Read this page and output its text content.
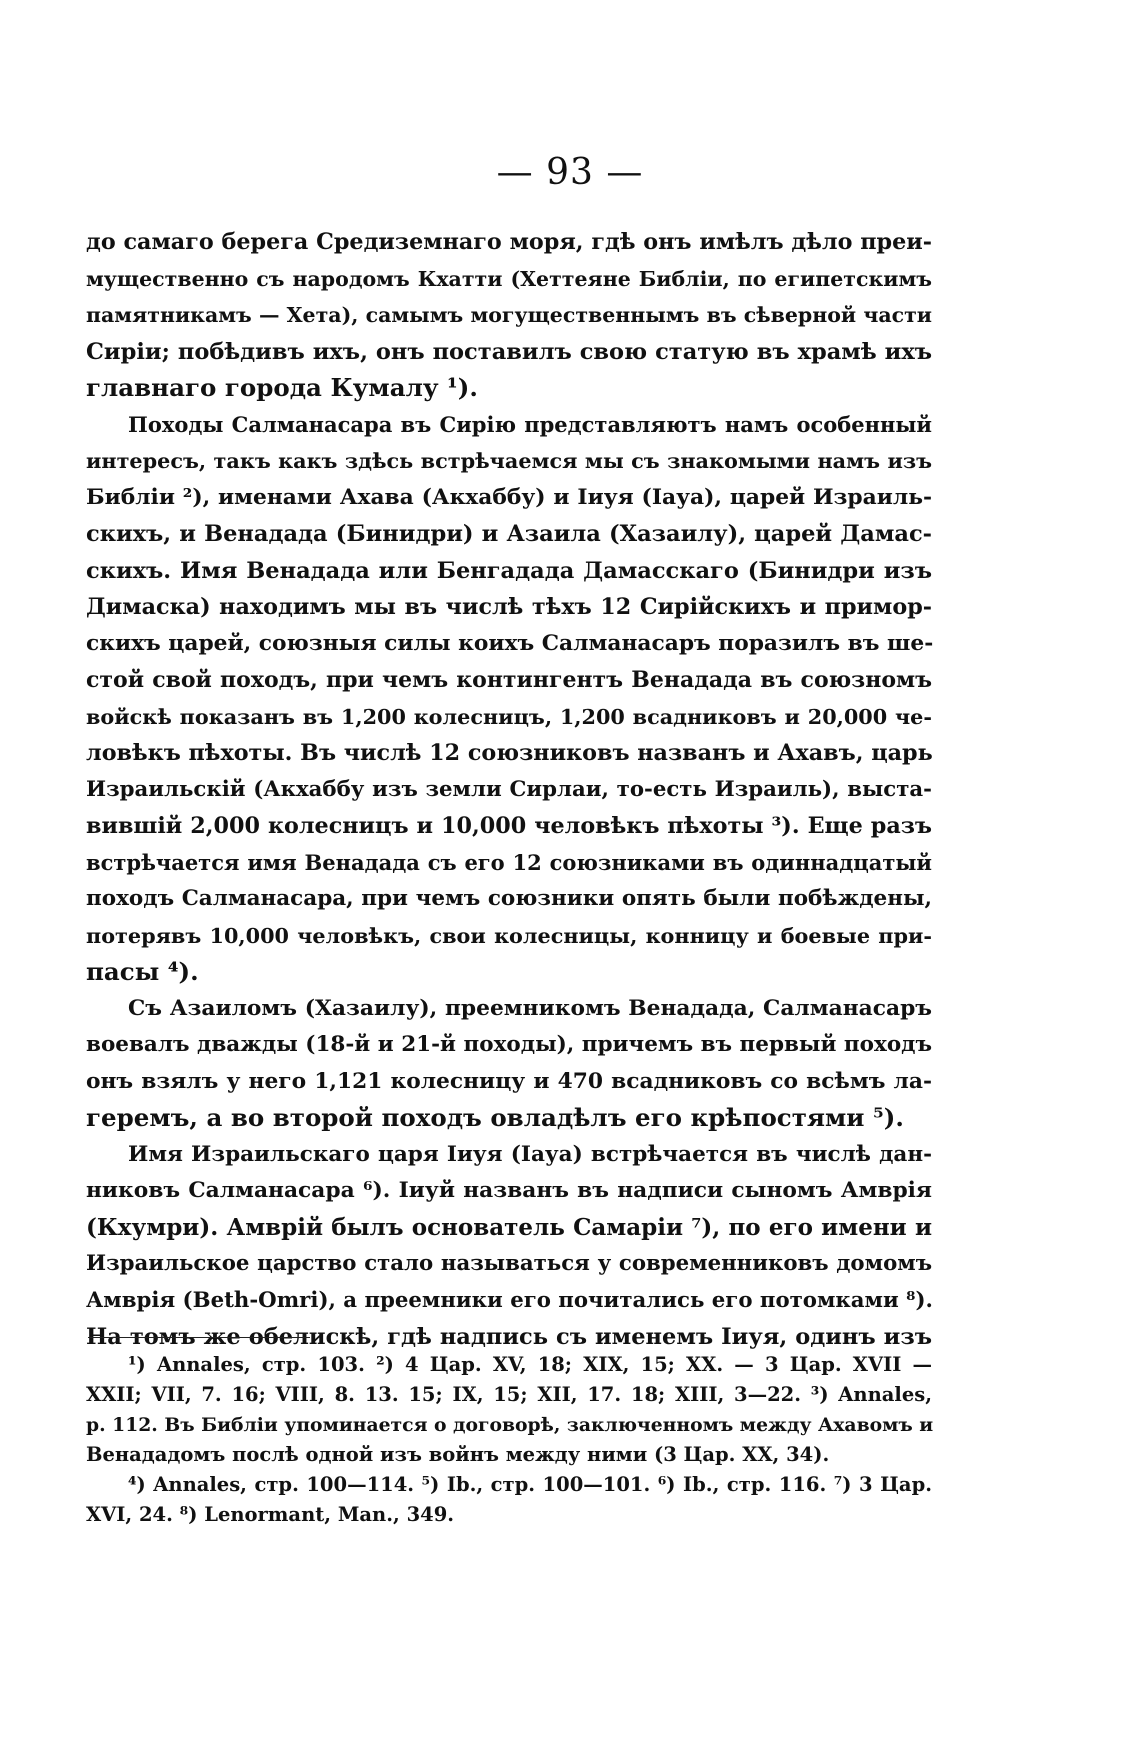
— 93 —
до самаго берега Средиземнаго моря, гдѣ онъ имѣлъ дѣло преи-
мущественно съ народомъ Кхатти (Хеттеяне Библіи, по египетскимъ
памятникамъ — Хета), самымъ могущественнымъ въ сѣверной части
Сиріи; побѣдивъ ихъ, онъ поставилъ свою статую въ храмѣ ихъ
главнаго города Кумалу ¹).
Походы Салманасара въ Сирію представляютъ намъ особенный
интересъ, такъ какъ здѣсь встрѣчаемся мы съ знакомыми намъ изъ
Библіи ²), именами Ахава (Акхаббу) и Іиуя (Іауа), царей Израиль-
скихъ, и Венадада (Бинидри) и Азаила (Хазаилу), царей Дамас-
скихъ. Имя Венадада или Бенгадада Дамасскаго (Бинидри изъ
Димаска) находимъ мы въ числѣ тѣхъ 12 Сирійскихъ и примор-
скихъ царей, союзныя силы коихъ Салманасаръ поразилъ въ ше-
стой свой походъ, при чемъ контингентъ Венадада въ союзномъ
войскѣ показанъ въ 1,200 колесницъ, 1,200 всадниковъ и 20,000 че-
ловѣкъ пѣхоты. Въ числѣ 12 союзниковъ названъ и Ахавъ, царь
Израильскій (Акхаббу изъ земли Сирлаи, то-есть Израиль), выста-
вившій 2,000 колесницъ и 10,000 человѣкъ пѣхоты ³). Еще разъ
встрѣчается имя Венадада съ его 12 союзниками въ одиннадцатый
походъ Салманасара, при чемъ союзники опять были побѣждены,
потерявъ 10,000 человѣкъ, свои колесницы, конницу и боевые при-
пасы ⁴).
Съ Азаиломъ (Хазаилу), преемникомъ Венадада, Салманасаръ
воевалъ дважды (18-й и 21-й походы), причемъ въ первый походъ
онъ взялъ у него 1,121 колесницу и 470 всадниковъ со всѣмъ ла-
геремъ, а во второй походъ овладѣлъ его крѣпостями ⁵).
Имя Израильскаго царя Іиуя (Іауа) встрѣчается въ числѣ дан-
никовъ Салманасара ⁶). Іиуй названъ въ надписи сыномъ Амврія
(Кхумри). Амврій былъ основатель Самаріи ⁷), по его имени и
Израильское царство стало называться у современниковъ домомъ
Амврія (Beth-Omri), а преемники его почитались его потомками ⁸).
На томъ же обелискѣ, гдѣ надпись съ именемъ Іиуя, одинъ изъ
¹) Annales, стр. 103. ²) 4 Цар. XV, 18; XIX, 15; XX. — 3 Цар. XVII —
XXII; VII, 7. 16; VIII, 8. 13. 15; IX, 15; XII, 17. 18; XIII, 3—22. ³) Annales,
p. 112. Въ Библіи упоминается о договорѣ, заключенномъ между Ахавомъ и
Венададомъ послѣ одной изъ войнъ между ними (3 Цар. XX, 34).
⁴) Annales, стр. 100—114. ⁵) Ib., стр. 100—101. ⁶) Ib., стр. 116. ⁷) 3 Цар.
XVI, 24. ⁸) Lenormant, Man., 349.
